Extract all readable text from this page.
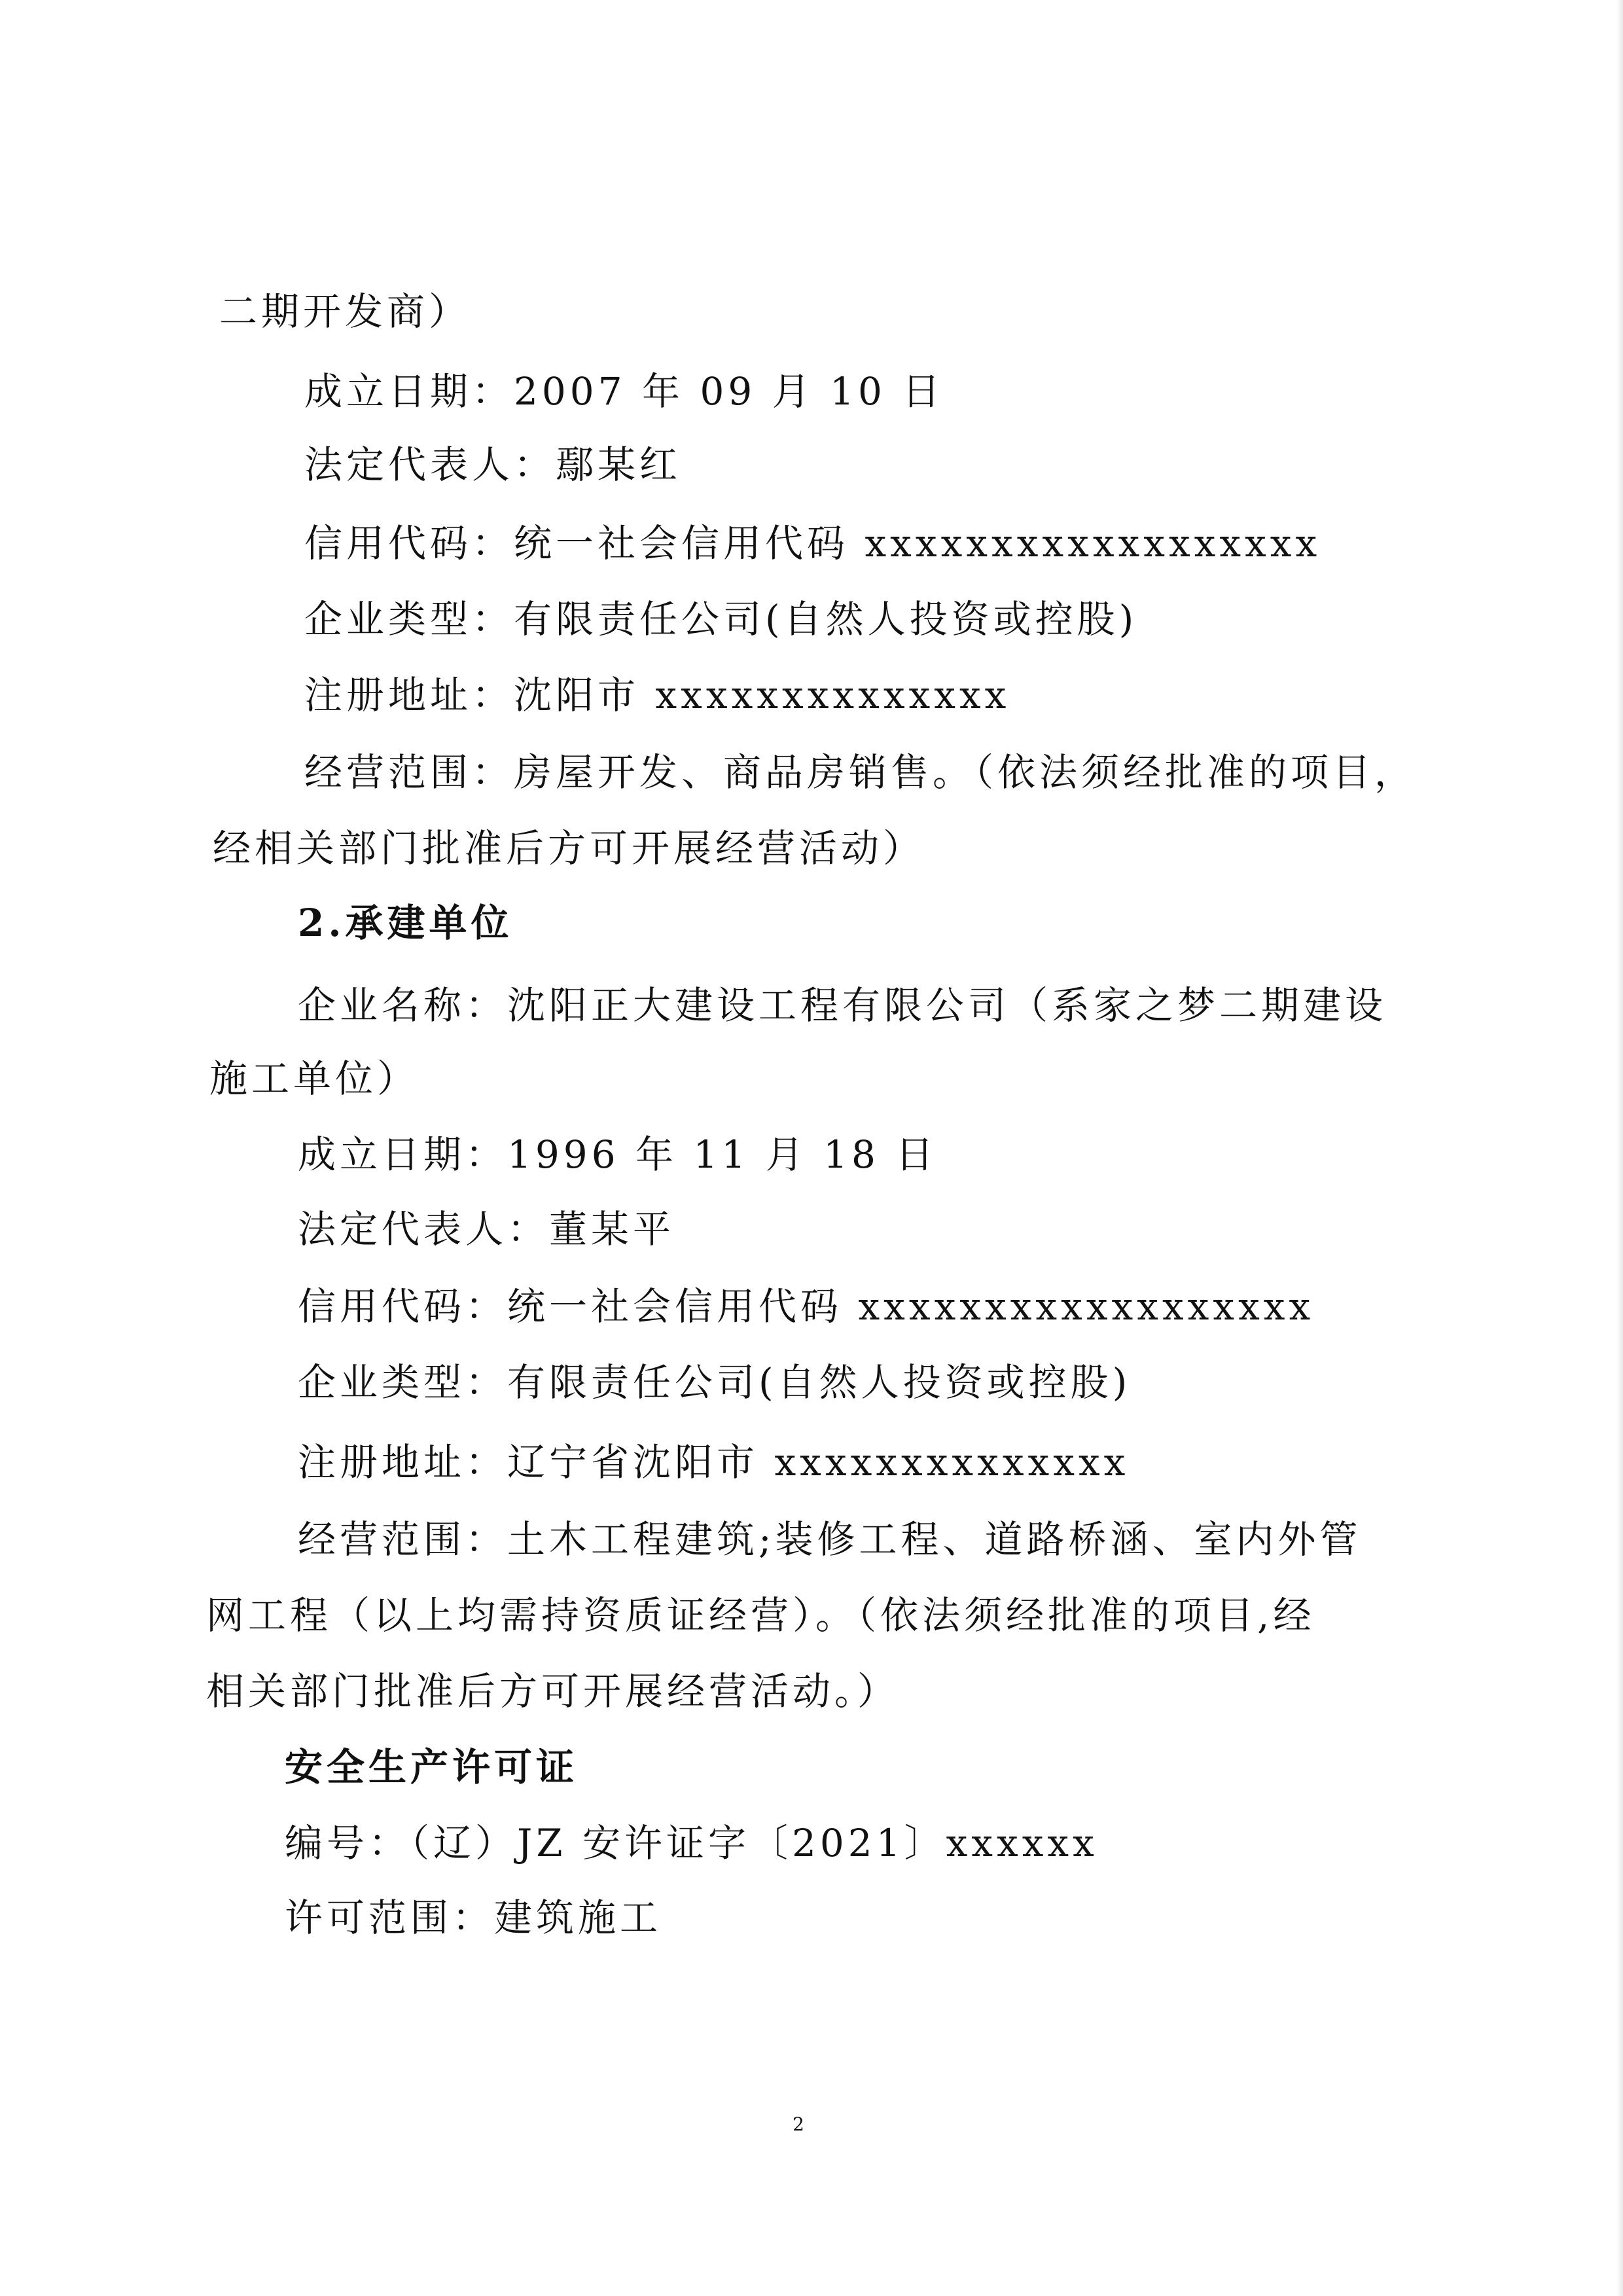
二期开发商）
成立日期：2007 年 09 月 10 日
法定代表人：鄢某红
信用代码：统一社会信用代码 xxxxxxxxxxxxxxxxxx
企业类型：有限责任公司(自然人投资或控股)
注册地址：沈阳市 xxxxxxxxxxxxxx
经营范围：房屋开发、商品房销售。（依法须经批准的项目，
经相关部门批准后方可开展经营活动）
2.承建单位
企业名称：沈阳正大建设工程有限公司（系家之梦二期建设
施工单位）
成立日期：1996 年 11 月 18 日
法定代表人：董某平
信用代码：统一社会信用代码 xxxxxxxxxxxxxxxxxx
企业类型：有限责任公司(自然人投资或控股)
注册地址：辽宁省沈阳市 xxxxxxxxxxxxxx
经营范围：土木工程建筑;装修工程、道路桥涵、室内外管
网工程（以上均需持资质证经营）。（依法须经批准的项目,经
相关部门批准后方可开展经营活动。）
安全生产许可证
编号：（辽）JZ 安许证字〔2021〕xxxxxx
许可范围：建筑施工
2
